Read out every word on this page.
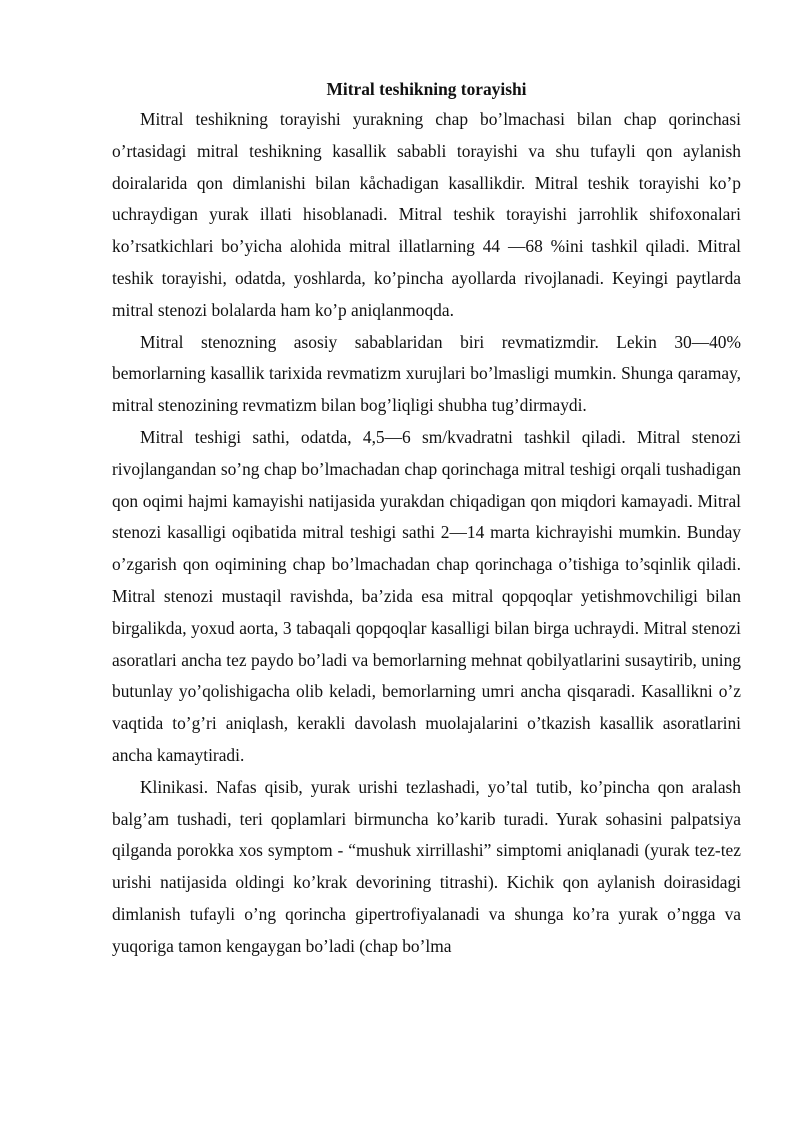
Mitral teshikning torayishi

Mitral teshikning torayishi yurakning chap bo’lmachasi bilan chap qorinchasi o’rtasidagi mitral teshikning kasallik sababli torayishi va shu tufayli qon aylanish doiralarida qon dimlanishi bilan kåchadigan kasallikdir. Mitral teshik torayishi ko’p uchraydigan yurak illati hisoblanadi. Mitral teshik torayishi jarrohlik shifoxonalari ko’rsatkichlari bo’yicha alohida mitral illatlarning 44 —68 %ini tashkil qiladi. Mitral teshik torayishi, odatda, yoshlarda, ko’pincha ayollarda rivojlanadi. Keyingi paytlarda mitral stenozi bolalarda ham ko’p aniqlanmoqda.

Mitral stenozning asosiy sabablaridan biri revmatizmdir. Lekin 30—40% bemorlarning kasallik tarixida revmatizm xurujlari bo’lmasligi mumkin. Shunga qaramay, mitral stenozining revmatizm bilan bog’liqligi shubha tug’dirmaydi.

Mitral teshigi sathi, odatda, 4,5—6 sm/kvadratni tashkil qiladi. Mitral stenozi rivojlangandan so’ng chap bo’lmachadan chap qorinchaga mitral teshigi orqali tushadigan qon oqimi hajmi kamayishi natijasida yurakdan chiqadigan qon miqdori kamayadi. Mitral stenozi kasalligi oqibatida mitral teshigi sathi 2—14 marta kichrayishi mumkin. Bunday o’zgarish qon oqimining chap bo’lmachadan chap qorinchaga o’tishiga to’sqinlik qiladi. Mitral stenozi mustaqil ravishda, ba’zida esa mitral qopqoqlar yetishmovchiligi bilan birgalikda, yoxud aorta, 3 tabaqali qopqoqlar kasalligi bilan birga uchraydi. Mitral stenozi asoratlari ancha tez paydo bo’ladi va bemorlarning mehnat qobilyatlarini susaytirib, uning butunlay yo’qolishigacha olib keladi, bemorlarning umri ancha qisqaradi. Kasallikni o’z vaqtida to’g’ri aniqlash, kerakli davolash muolajalarini o’tkazish kasallik asoratlarini ancha kamaytiradi.

Klinikasi. Nafas qisib, yurak urishi tezlashadi, yo’tal tutib, ko’pincha qon aralash balg’am tushadi, teri qoplamlari birmuncha ko’karib turadi. Yurak sohasini palpatsiya qilganda porokka xos symptom - “mushuk xirrillashi” simptomi aniqlanadi (yurak tez-tez urishi natijasida oldingi ko’krak devorining titrashi). Kichik qon aylanish doirasidagi dimlanish tufayli o’ng qorincha gipertrofiyalanadi va shunga ko’ra yurak o’ngga va yuqoriga tamon kengaygan bo’ladi (chap bo’lma
